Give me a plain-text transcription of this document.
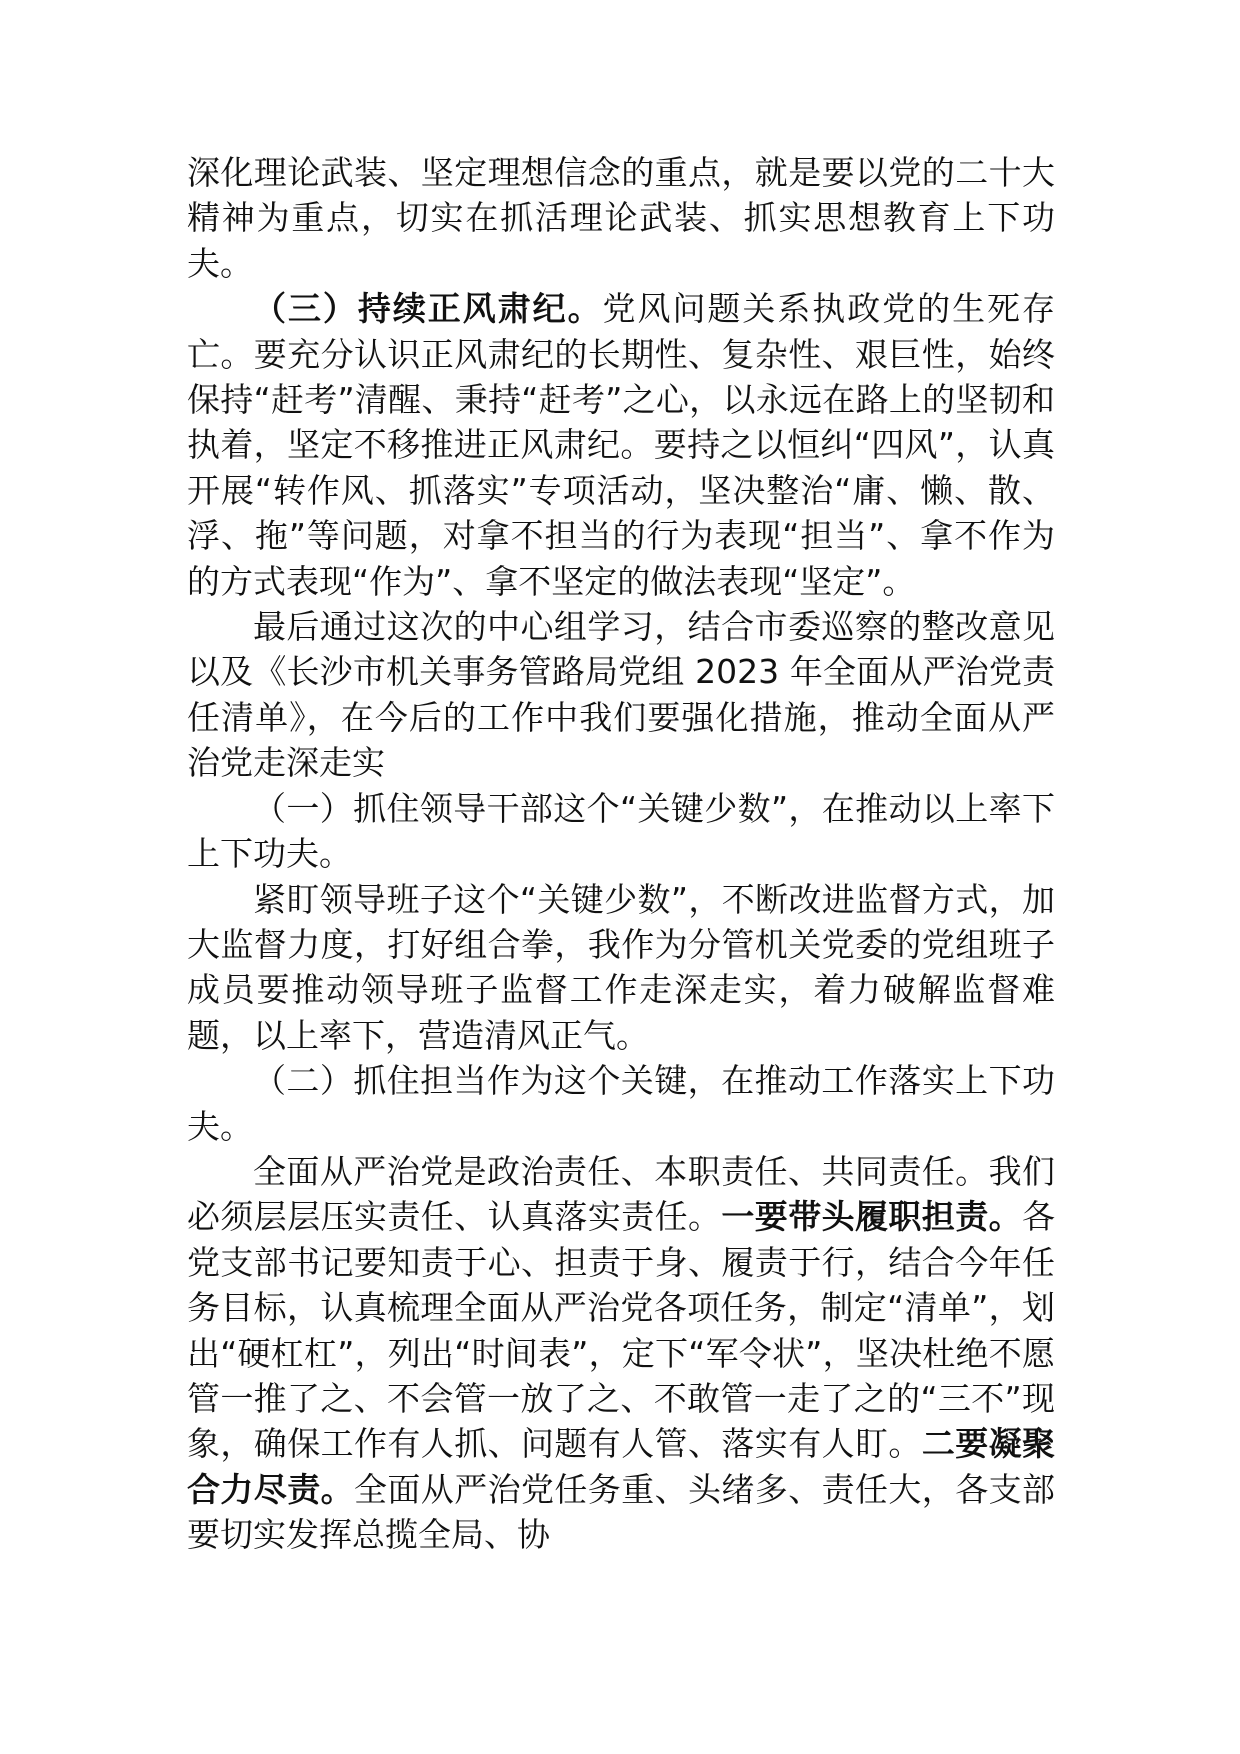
深化理论武装、坚定理想信念的重点，就是要以党的二十大精神为重点，切实在抓活理论武装、抓实思想教育上下功夫。

（三）持续正风肃纪。党风问题关系执政党的生死存亡。要充分认识正风肃纪的长期性、复杂性、艰巨性，始终保持“赶考”清醒、秉持“赶考”之心，以永远在路上的坚韧和执着，坚定不移推进正风肃纪。要持之以恒纠“四风”，认真开展“转作风、抓落实”专项活动，坚决整治“庸、懒、散、浮、拖”等问题，对拿不担当的行为表现“担当”、拿不作为的方式表现“作为”、拿不坚定的做法表现“坚定”。

最后通过这次的中心组学习，结合市委巡察的整改意见以及《长沙市机关事务管路局党组 2023 年全面从严治党责任清单》，在今后的工作中我们要强化措施，推动全面从严治党走深走实

（一）抓住领导干部这个“关键少数”，在推动以上率下上下功夫。

紧盯领导班子这个“关键少数”，不断改进监督方式，加大监督力度，打好组合拳，我作为分管机关党委的党组班子成员要推动领导班子监督工作走深走实，着力破解监督难题，以上率下，营造清风正气。

（二）抓住担当作为这个关键，在推动工作落实上下功夫。

全面从严治党是政治责任、本职责任、共同责任。我们必须层层压实责任、认真落实责任。一要带头履职担责。各党支部书记要知责于心、担责于身、履责于行，结合今年任务目标，认真梳理全面从严治党各项任务，制定“清单”，划出“硬杠杠”，列出“时间表”，定下“军令状”，坚决杜绝不愿管一推了之、不会管一放了之、不敢管一走了之的“三不”现象，确保工作有人抓、问题有人管、落实有人盯。二要凝聚合力尽责。全面从严治党任务重、头绪多、责任大，各支部要切实发挥总揽全局、协
